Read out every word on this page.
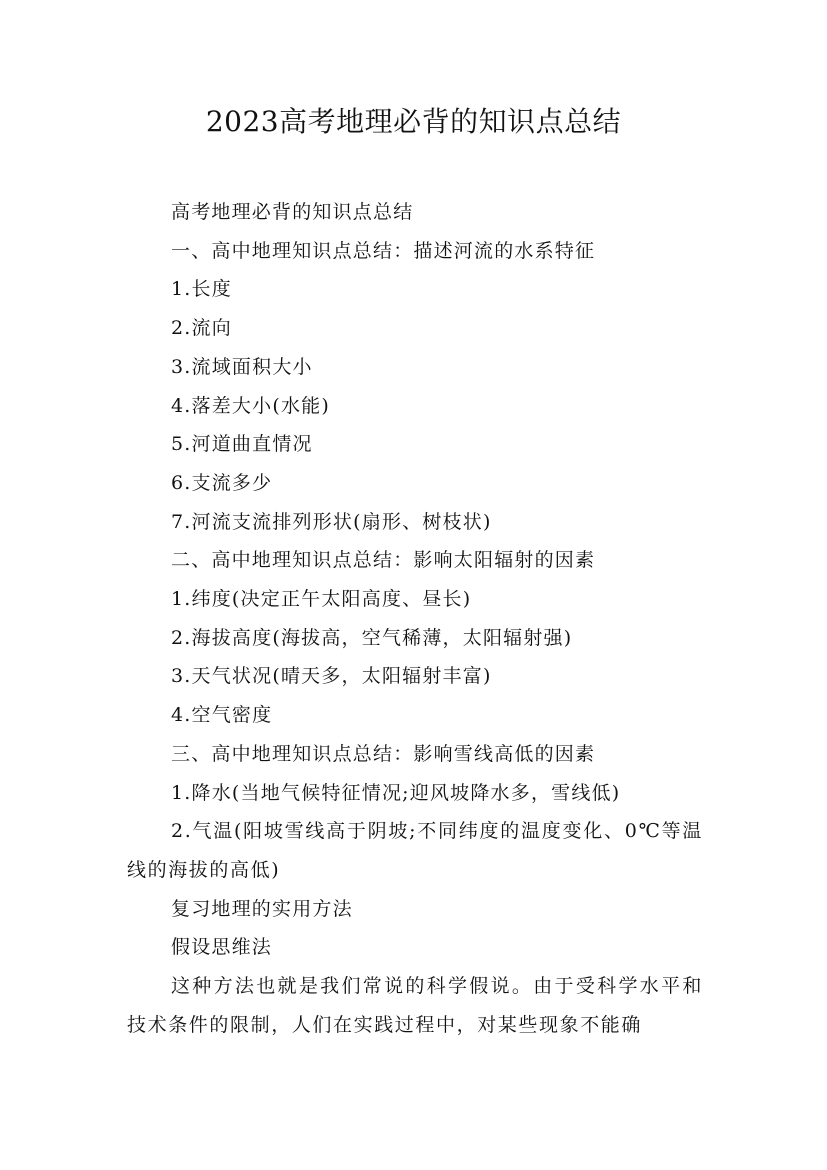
2023高考地理必背的知识点总结

高考地理必背的知识点总结

一、高中地理知识点总结：描述河流的水系特征

1.长度

2.流向

3.流域面积大小

4.落差大小(水能)

5.河道曲直情况

6.支流多少

7.河流支流排列形状(扇形、树枝状)

二、高中地理知识点总结：影响太阳辐射的因素

1.纬度(决定正午太阳高度、昼长)

2.海拔高度(海拔高，空气稀薄，太阳辐射强)

3.天气状况(晴天多，太阳辐射丰富)

4.空气密度

三、高中地理知识点总结：影响雪线高低的因素

1.降水(当地气候特征情况;迎风坡降水多，雪线低)

2.气温(阳坡雪线高于阴坡;不同纬度的温度变化、0℃等温线的海拔的高低)

复习地理的实用方法

假设思维法

这种方法也就是我们常说的科学假说。由于受科学水平和技术条件的限制，人们在实践过程中，对某些现象不能确
